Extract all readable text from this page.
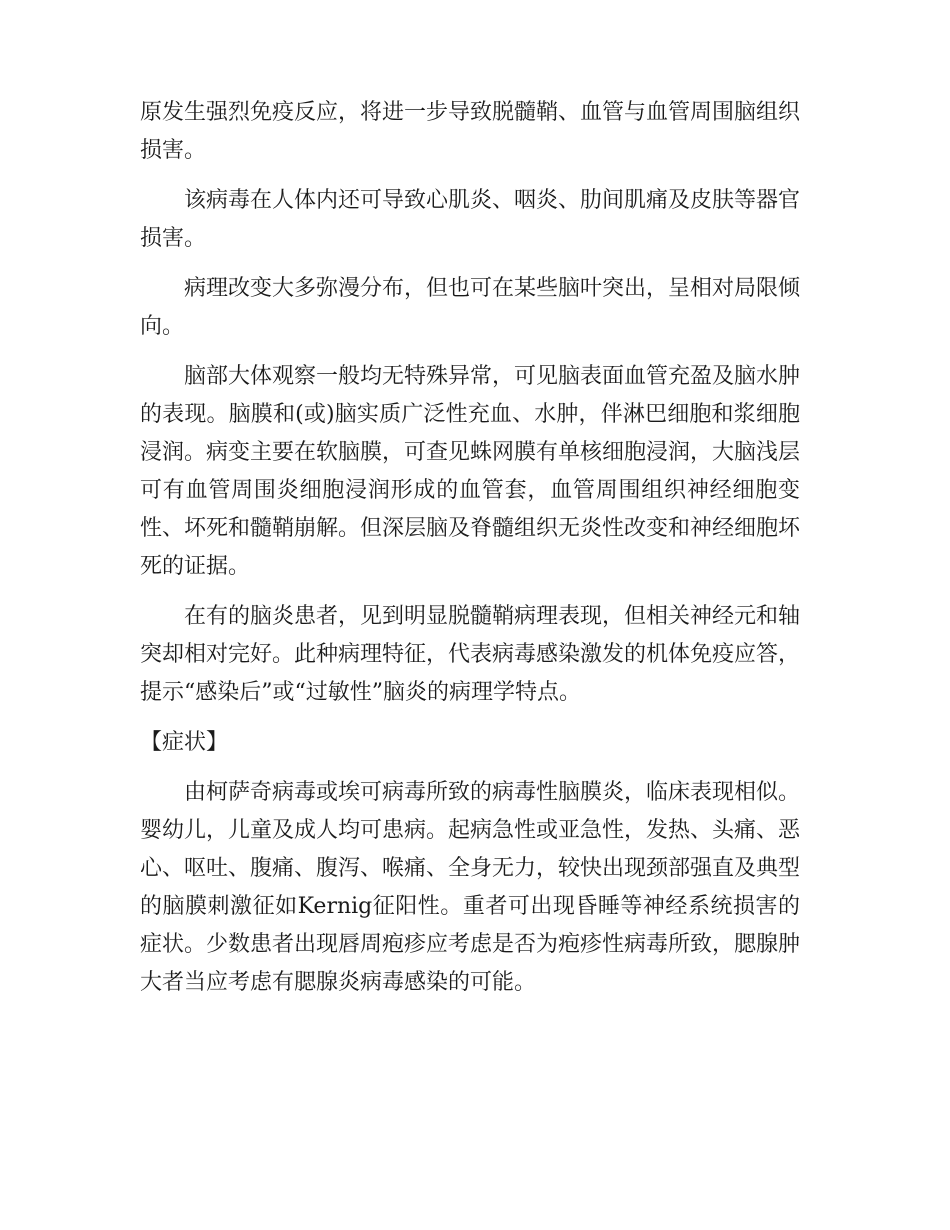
原发生强烈免疫反应，将进一步导致脱髓鞘、血管与血管周围脑组织损害。

该病毒在人体内还可导致心肌炎、咽炎、肋间肌痛及皮肤等器官损害。

病理改变大多弥漫分布，但也可在某些脑叶突出，呈相对局限倾向。

脑部大体观察一般均无特殊异常，可见脑表面血管充盈及脑水肿的表现。脑膜和(或)脑实质广泛性充血、水肿，伴淋巴细胞和浆细胞浸润。病变主要在软脑膜，可查见蛛网膜有单核细胞浸润，大脑浅层可有血管周围炎细胞浸润形成的血管套，血管周围组织神经细胞变性、坏死和髓鞘崩解。但深层脑及脊髓组织无炎性改变和神经细胞坏死的证据。

在有的脑炎患者，见到明显脱髓鞘病理表现，但相关神经元和轴突却相对完好。此种病理特征，代表病毒感染激发的机体免疫应答，提示“感染后”或“过敏性”脑炎的病理学特点。

【症状】

由柯萨奇病毒或埃可病毒所致的病毒性脑膜炎，临床表现相似。婴幼儿，儿童及成人均可患病。起病急性或亚急性，发热、头痛、恶心、呕吐、腹痛、腹泻、喉痛、全身无力，较快出现颈部强直及典型的脑膜刺激征如Kernig征阳性。重者可出现昏睡等神经系统损害的症状。少数患者出现唇周疱疹应考虑是否为疱疹性病毒所致，腮腺肿大者当应考虑有腮腺炎病毒感染的可能。
